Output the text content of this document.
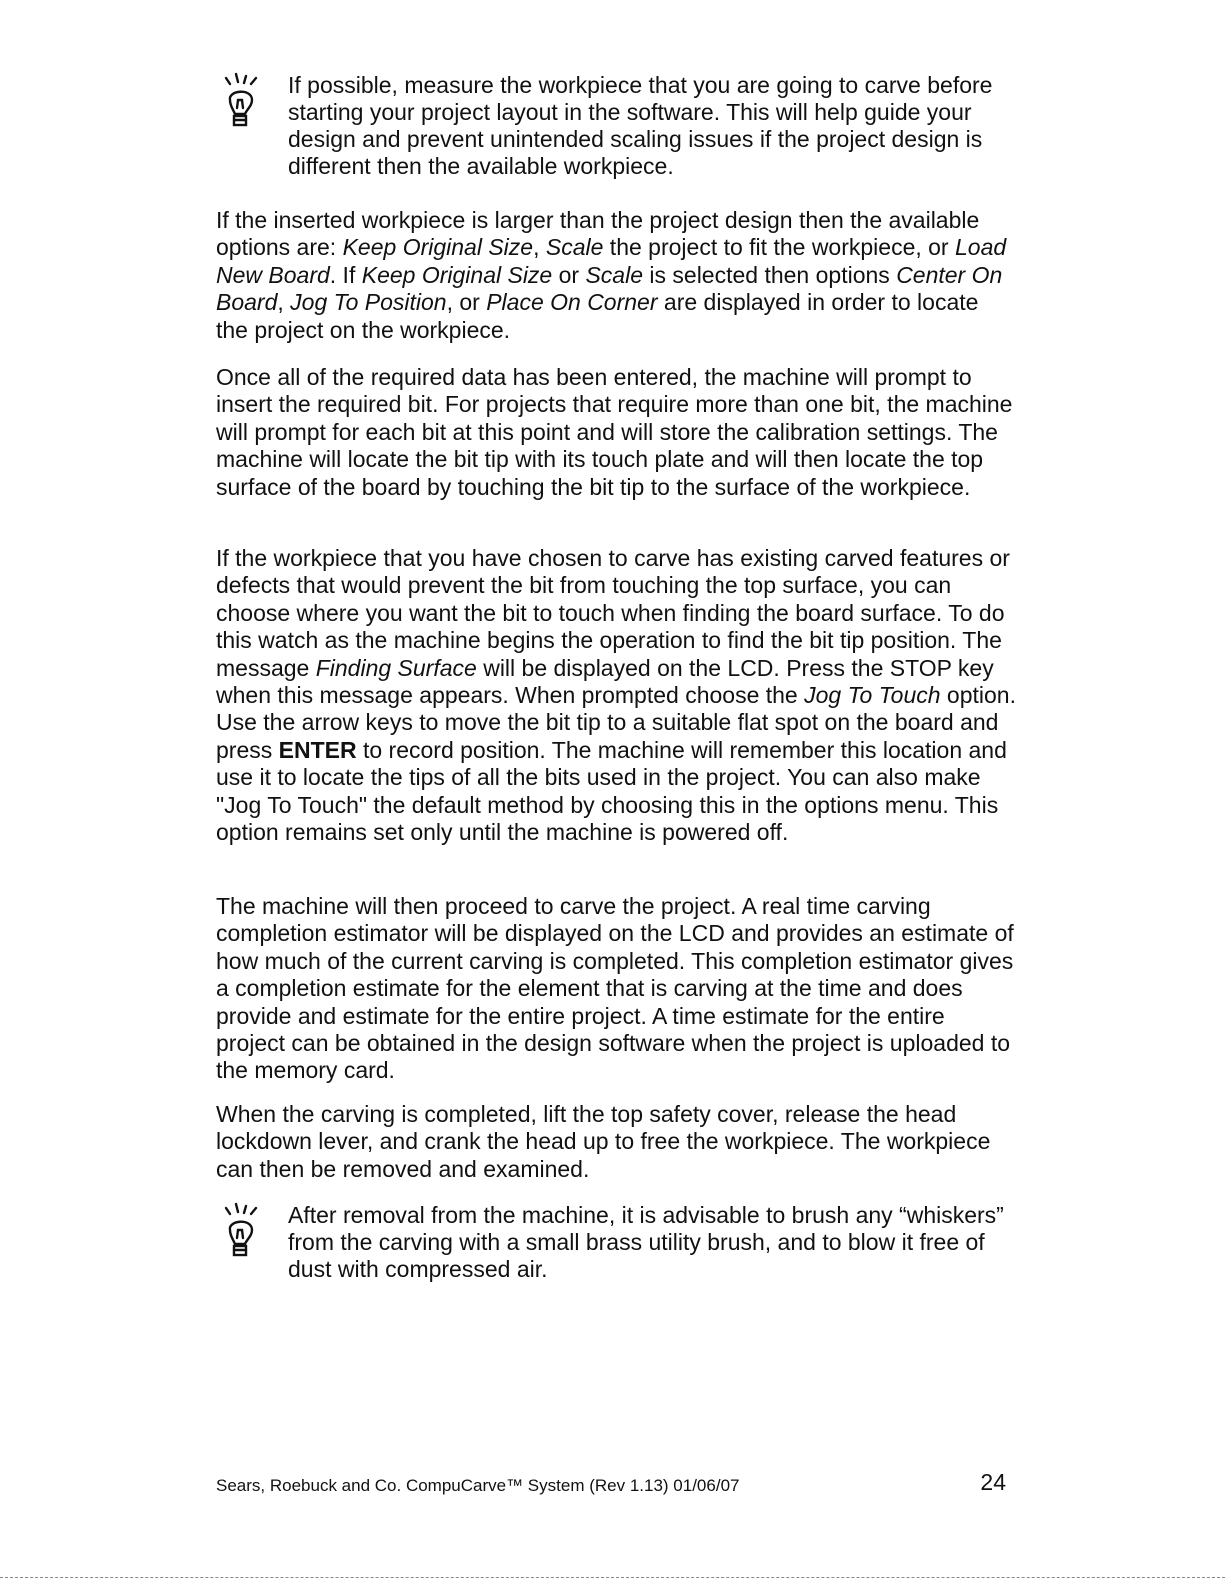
If possible, measure the workpiece that you are going to carve before starting your project layout in the software. This will help guide your design and prevent unintended scaling issues if the project design is different then the available workpiece.

If the inserted workpiece is larger than the project design then the available options are: Keep Original Size, Scale the project to fit the workpiece, or Load New Board. If Keep Original Size or Scale is selected then options Center On Board, Jog To Position, or Place On Corner are displayed in order to locate the project on the workpiece.

Once all of the required data has been entered, the machine will prompt to insert the required bit. For projects that require more than one bit, the machine will prompt for each bit at this point and will store the calibration settings. The machine will locate the bit tip with its touch plate and will then locate the top surface of the board by touching the bit tip to the surface of the workpiece.

If the workpiece that you have chosen to carve has existing carved features or defects that would prevent the bit from touching the top surface, you can choose where you want the bit to touch when finding the board surface. To do this watch as the machine begins the operation to find the bit tip position. The message Finding Surface will be displayed on the LCD. Press the STOP key when this message appears. When prompted choose the Jog To Touch option. Use the arrow keys to move the bit tip to a suitable flat spot on the board and press ENTER to record position. The machine will remember this location and use it to locate the tips of all the bits used in the project. You can also make "Jog To Touch" the default method by choosing this in the options menu. This option remains set only until the machine is powered off.

The machine will then proceed to carve the project. A real time carving completion estimator will be displayed on the LCD and provides an estimate of how much of the current carving is completed. This completion estimator gives a completion estimate for the element that is carving at the time and does provide and estimate for the entire project. A time estimate for the entire project can be obtained in the design software when the project is uploaded to the memory card.

When the carving is completed, lift the top safety cover, release the head lockdown lever, and crank the head up to free the workpiece. The workpiece can then be removed and examined.

After removal from the machine, it is advisable to brush any “whiskers” from the carving with a small brass utility brush, and to blow it free of dust with compressed air.
Sears, Roebuck and Co. CompuCarve™ System (Rev 1.13) 01/06/07	24
